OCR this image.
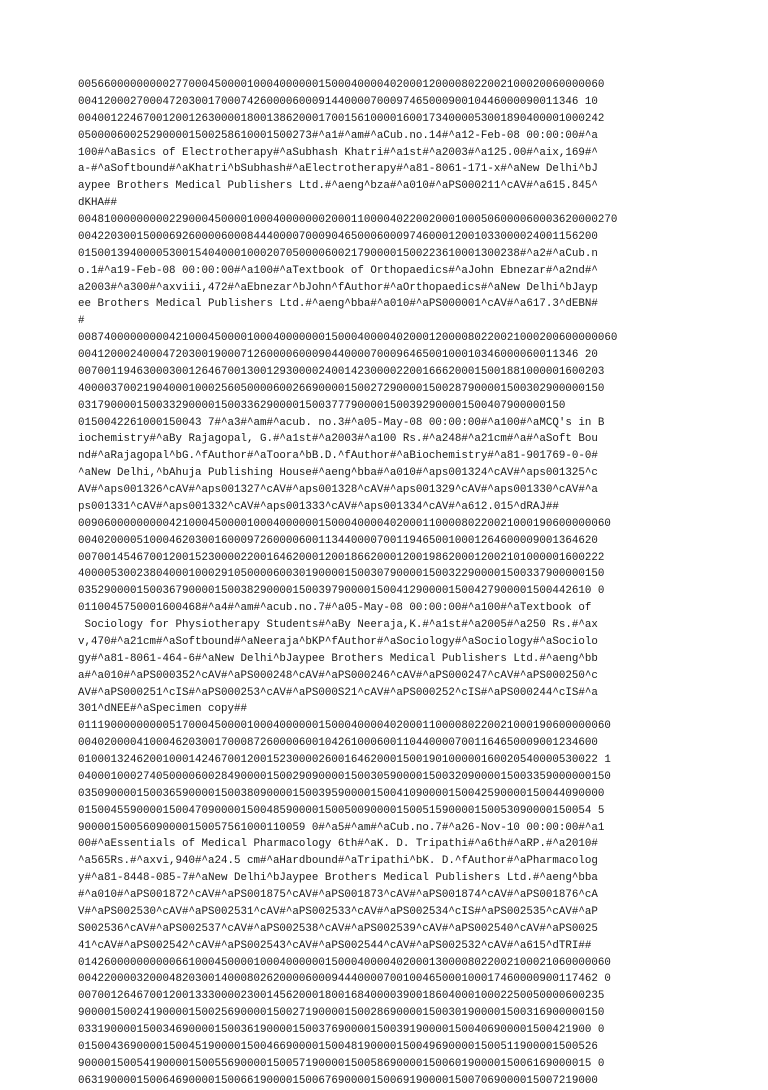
005660000000002770004500001000400000015000400004020001200008022002100020060000060
00412000270004720300170007426000060009144000070009746500090010446000090011346 10
004001224670012001263000018001386200017001561000016001734000053001890400001000242
050000600252900001500258610001500273#^a1#^am#^aCub.no.14#^a12-Feb-08 00:00:00#^a
100#^aBasics of Electrotherapy#^aSubhash Khatri#^a1st#^a2003#^a125.00#^aix,169#^
a-#^aSoftbound#^aKhatri^bSubhash#^aElectrotherapy#^a81-8061-171-x#^aNew Delhi^bJ
aypee Brothers Medical Publishers Ltd.#^aeng^bza#^a010#^aPS000211^cAV#^a615.845^
dKHA##
00481000000000229000450000100040000000200011000040220020001000506000060003620000270
00422030015000692600006000844400007000904650006000974600012001033000024001156200
01500139400005300154040001000207050000600217900001500223610001300238#^a2#^aCub.n
o.1#^a19-Feb-08 00:00:00#^a100#^aTextbook of Orthopaedics#^aJohn Ebnezar#^a2nd#^
a2003#^a300#^axviii,472#^aEbnezar^bJohn^fAuthor#^aOrthopaedics#^aNew Delhi^bJayp
ee Brothers Medical Publishers Ltd.#^aeng^bba#^a010#^aPS000001^cAV#^a617.3^dEBN#
#
00874000000000421000450000100040000000150004000040200012000080220021000200600000060
00412000240004720300190007126000060009044000070009646500100010346000060011346 20
007001194630003001264670013001293000024001423000022001666200015001881000001600203
400003700219040001000256050000600266900001500272900001500287900001500302900000150
031790000150033290000150033629000015003777900001500392900001500407900000150
0150042261000150043 7#^a3#^am#^acub. no.3#^a05-May-08 00:00:00#^a100#^aMCQ's in B
iochemistry#^aBy Rajagopal, G.#^a1st#^a2003#^a100 Rs.#^a248#^a21cm#^a#^aSoft Bou
nd#^aRajagopal^bG.^fAuthor#^aToora^bB.D.^fAuthor#^aBiochemistry#^a81-901769-0-0#
^aNew Delhi,^bAhuja Publishing House#^aeng^bba#^a010#^aps001324^cAV#^aps001325^c
AV#^aps001326^cAV#^aps001327^cAV#^aps001328^cAV#^aps001329^cAV#^aps001330^cAV#^a
ps001331^cAV#^aps001332^cAV#^aps001333^cAV#^aps001334^cAV#^a612.015^dRAJ##
0090600000000042100045000010004000000150004000040200011000080220021000190600000060
00402000051000462030016000972600006001134400007001194650010001264600009001364620
007001454670012001523000022001646200012001866200012001986200012002101000001600222
400005300238040001000291050000600301900001500307900001500322900001500337900000150
0352900001500367900001500382900001500397900001500412900001500427900001500442610 0
0110045750001600468#^a4#^am#^acub.no.7#^a05-May-08 00:00:00#^a100#^aTextbook of
Sociology for Physiotherapy Students#^aBy Neeraja,K.#^a1st#^a2005#^a250 Rs.#^ax
v,470#^a21cm#^aSoftbound#^aNeeraja^bKP^fAuthor#^aSociology#^aSociology#^aSociolo
gy#^a81-8061-464-6#^aNew Delhi^bJaypee Brothers Medical Publishers Ltd.#^aeng^bb
a#^a010#^aPS000352^cAV#^aPS000248^cAV#^aPS000246^cAV#^aPS000247^cAV#^aPS000250^c
AV#^aPS000251^cIS#^aPS000253^cAV#^aPS000S21^cAV#^aPS000252^cIS#^aPS000244^cIS#^a
301^dNEE#^aSpecimen copy##
0111900000000051700045000010004000000150004000040200011000080220021000190600000060
00402000041000462030017000872600006001042610006001104400007001164650009001234600
01000132462001000142467001200152300002600164620001500190100000160020540000530022 1
0400010002740500006002849000015002909000015003059000015003209000015003359000000150
035090000150036590000150038090000150039590000150041090000150042590000150044090000
0150045590000150047090000150048590000150050090000150051590000150053090000150054 5
90000150056090000150057561000110059 0#^a5#^am#^aCub.no.7#^a26-Nov-10 00:00:00#^a1
00#^aEssentials of Medical Pharmacology 6th#^aK. D. Tripathi#^a6th#^aRP.#^a2010#
^a565Rs.#^axvi,940#^a24.5 cm#^aHardbound#^aTripathi^bK. D.^fAuthor#^aPharmacolog
y#^a81-8448-085-7#^aNew Delhi^bJaypee Brothers Medical Publishers Ltd.#^aeng^bba
#^a010#^aPS001872^cAV#^aPS001875^cAV#^aPS001873^cAV#^aPS001874^cAV#^aPS001876^cA
V#^aPS002530^cAV#^aPS002531^cAV#^aPS002533^cAV#^aPS002534^cIS#^aPS002535^cAV#^aP
S002536^cAV#^aPS002537^cAV#^aPS002538^cAV#^aPS002539^cAV#^aPS002540^cAV#^aPS0025
41^cAV#^aPS002542^cAV#^aPS002543^cAV#^aPS002544^cAV#^aPS002532^cAV#^a615^dTRI##
0142600000000006610004500001000400000015000400004020001300008022002100021060000060
00422000032000482030014000802620000600094440000700100465000100017460000900117462 0
007001264670012001333000023001456200018001684000039001860400010002250050000600235
900001500241900001500256900001500271900001500286900001500301900001500316900000150
0331900001500346900001500361900001500376900001500391900001500406900001500421900 0
01500436900001500451900001500466900001500481900001500496900001500511900001500526
9000015005419000015005569000015005719000015005869000015006019000015006169000015 0
06319000015006469000015006619000015006769000015006919000015007069000015007219000
